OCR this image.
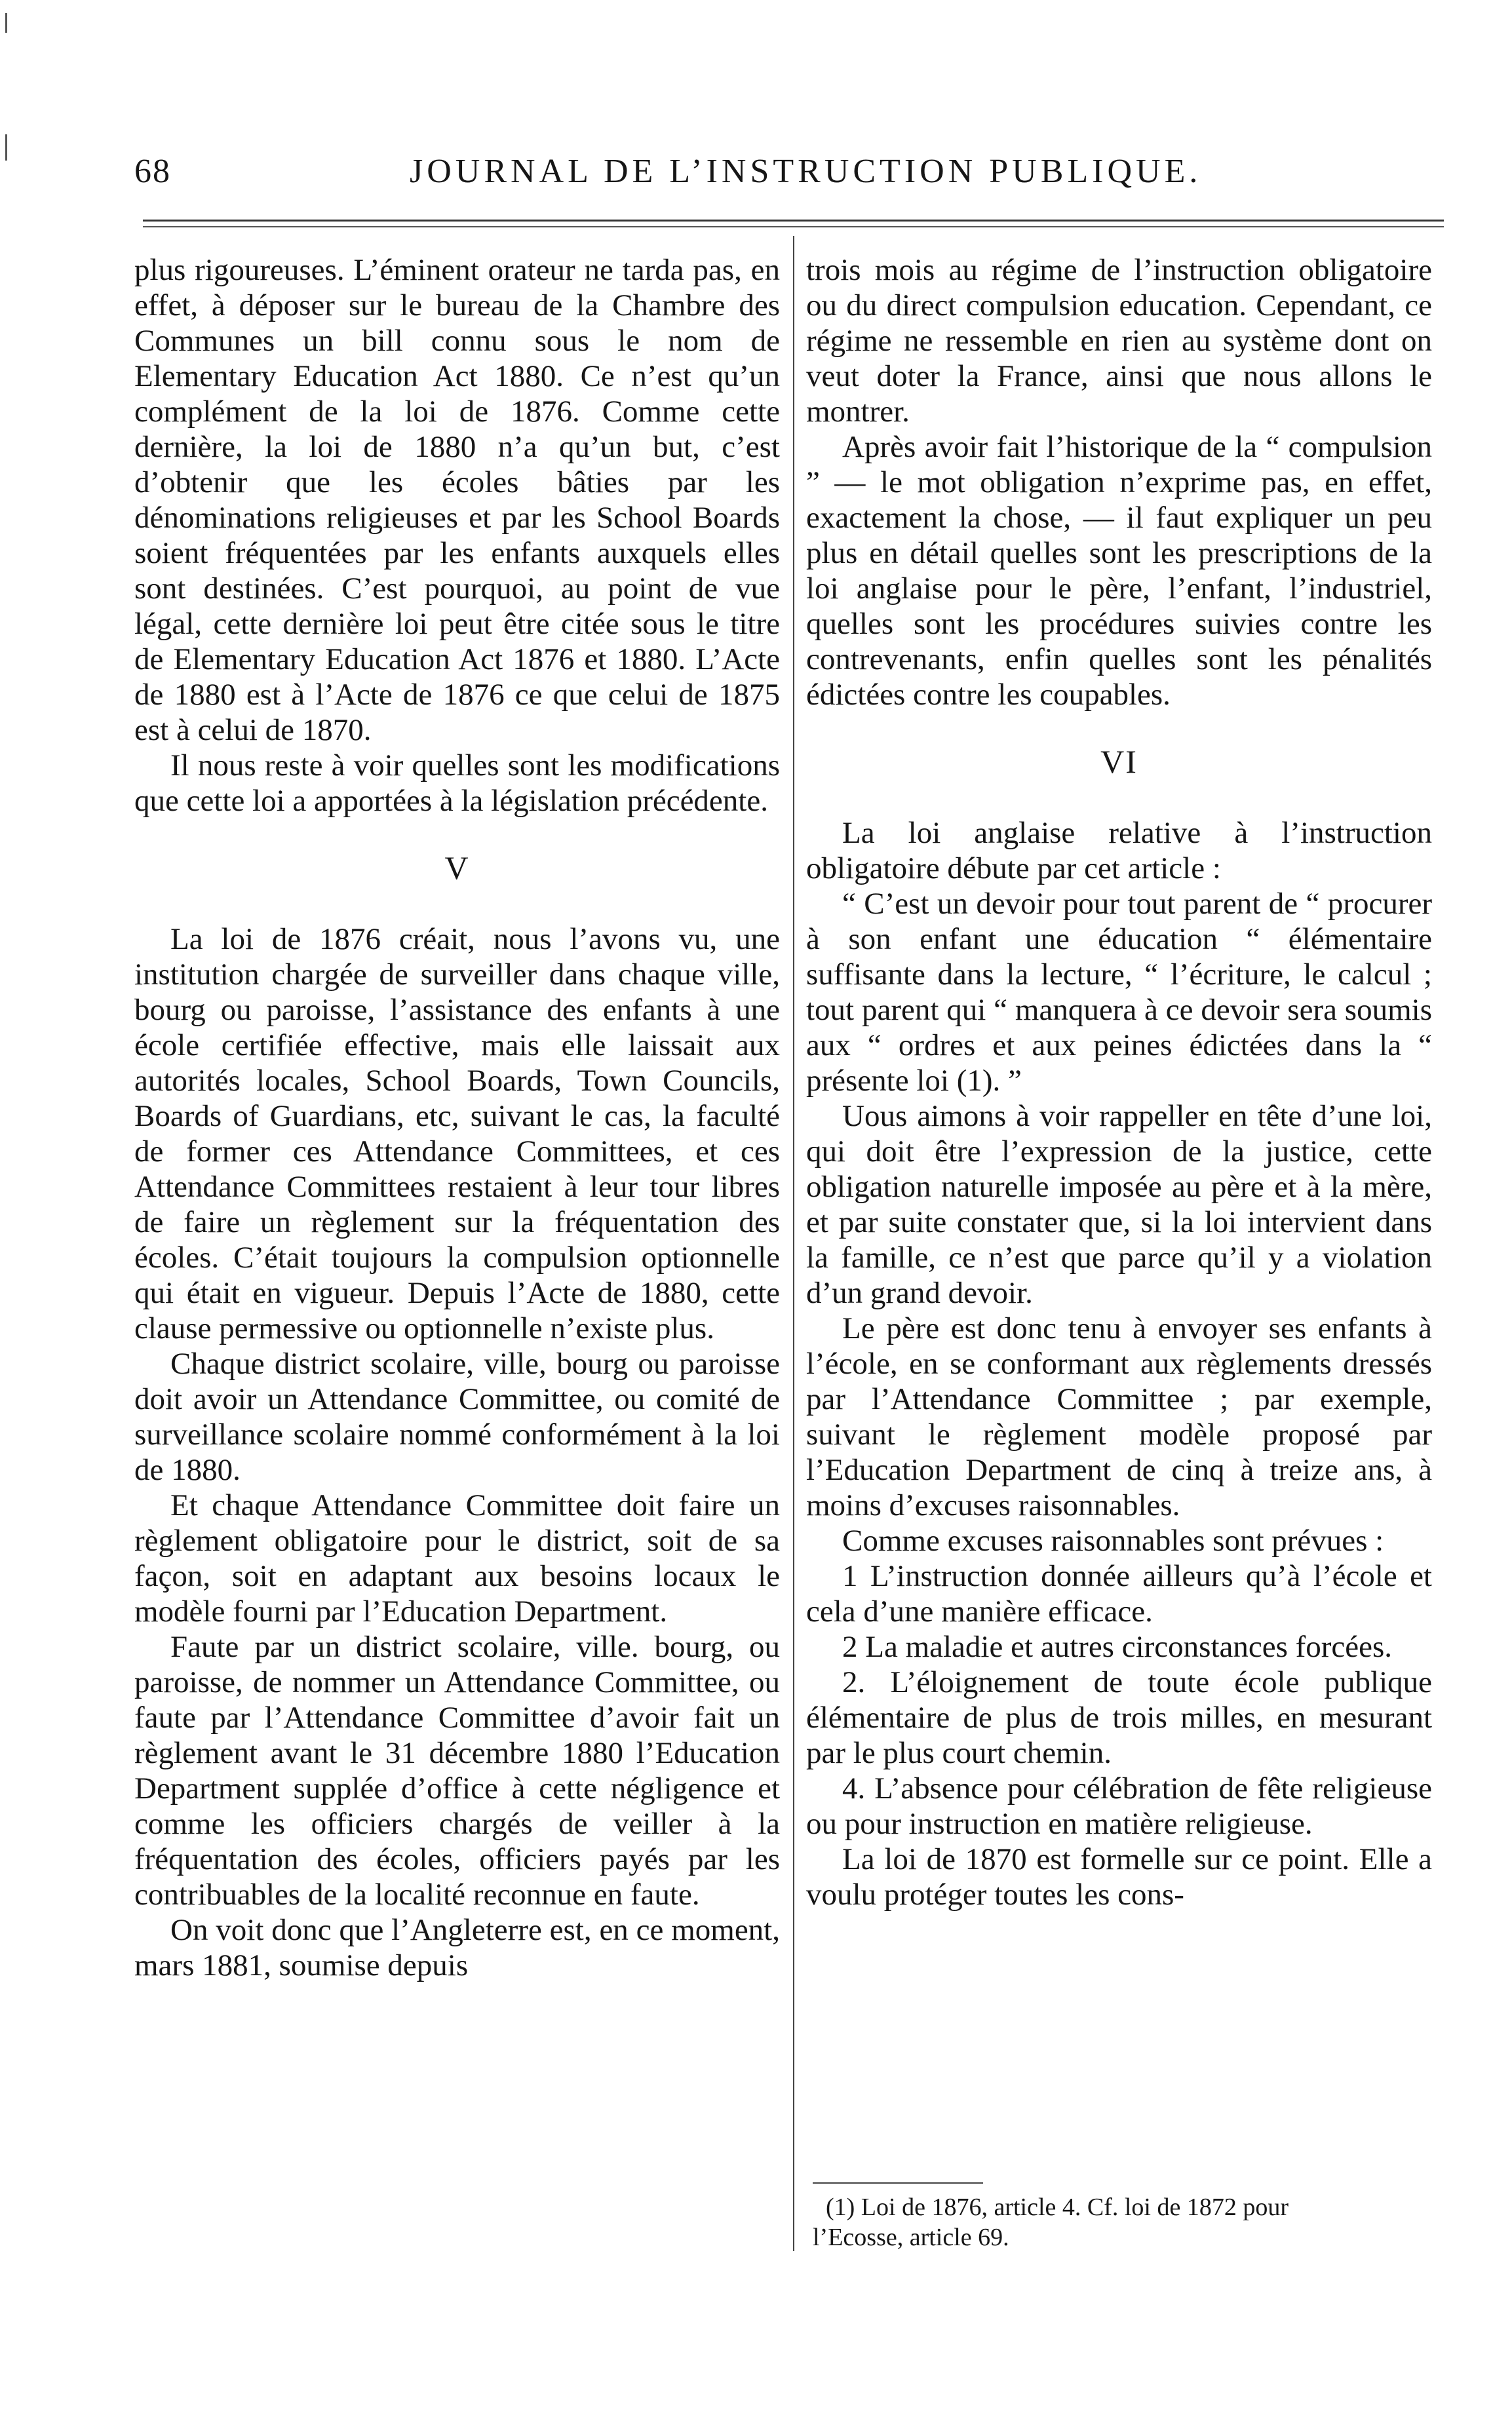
68	JOURNAL DE L’INSTRUCTION PUBLIQUE.

plus rigoureuses. L’éminent orateur ne tarda pas, en effet, à déposer sur le bureau de la Chambre des Communes un bill connu sous le nom de Elementary Education Act 1880. Ce n’est qu’un complément de la loi de 1876. Comme cette dernière, la loi de 1880 n’a qu’un but, c’est d’obtenir que les écoles bâties par les dénominations religieuses et par les School Boards soient fréquentées par les enfants auxquels elles sont destinées. C’est pourquoi, au point de vue légal, cette dernière loi peut être citée sous le titre de Elementary Education Act 1876 et 1880. L’Acte de 1880 est à l’Acte de 1876 ce que celui de 1875 est à celui de 1870.

Il nous reste à voir quelles sont les modifications que cette loi a apportées à la législation précédente.

V

La loi de 1876 créait, nous l’avons vu, une institution chargée de surveiller dans chaque ville, bourg ou paroisse, l’assistance des enfants à une école certifiée effective, mais elle laissait aux autorités locales, School Boards, Town Councils, Boards of Guardians, etc, suivant le cas, la faculté de former ces Attendance Committees, et ces Attendance Committees restaient à leur tour libres de faire un règlement sur la fréquentation des écoles. C’était toujours la compulsion optionnelle qui était en vigueur. Depuis l’Acte de 1880, cette clause permessive ou optionnelle n’existe plus.

Chaque district scolaire, ville, bourg ou paroisse doit avoir un Attendance Committee, ou comité de surveillance scolaire nommé conformément à la loi de 1880.

Et chaque Attendance Committee doit faire un règlement obligatoire pour le district, soit de sa façon, soit en adaptant aux besoins locaux le modèle fourni par l’Education Department.

Faute par un district scolaire, ville. bourg, ou paroisse, de nommer un Attendance Committee, ou faute par l’Attendance Committee d’avoir fait un règlement avant le 31 décembre 1880 l’Education Department supplée d’office à cette négligence et comme les officiers chargés de veiller à la fréquentation des écoles, officiers payés par les contribuables de la localité reconnue en faute.

On voit donc que l’Angleterre est, en ce moment, mars 1881, soumise depuis

trois mois au régime de l’instruction obligatoire ou du direct compulsion education. Cependant, ce régime ne ressemble en rien au système dont on veut doter la France, ainsi que nous allons le montrer.

Après avoir fait l’historique de la “ compulsion ” — le mot obligation n’exprime pas, en effet, exactement la chose, — il faut expliquer un peu plus en détail quelles sont les prescriptions de la loi anglaise pour le père, l’enfant, l’industriel, quelles sont les procédures suivies contre les contrevenants, enfin quelles sont les pénalités édictées contre les coupables.

VI

La loi anglaise relative à l’instruction obligatoire débute par cet article :

“ C’est un devoir pour tout parent de “ procurer à son enfant une éducation “ élémentaire suffisante dans la lecture, “ l’écriture, le calcul ; tout parent qui “ manquera à ce devoir sera soumis aux “ ordres et aux peines édictées dans la “ présente loi (1). ”

Uous aimons à voir rappeller en tête d’une loi, qui doit être l’expression de la justice, cette obligation naturelle imposée au père et à la mère, et par suite constater que, si la loi intervient dans la famille, ce n’est que parce qu’il y a violation d’un grand devoir.

Le père est donc tenu à envoyer ses enfants à l’école, en se conformant aux règlements dressés par l’Attendance Committee ; par exemple, suivant le règlement modèle proposé par l’Education Department de cinq à treize ans, à moins d’excuses raisonnables.

Comme excuses raisonnables sont prévues :

1 L’instruction donnée ailleurs qu’à l’école et cela d’une manière efficace.

2 La maladie et autres circonstances forcées.

2. L’éloignement de toute école publique élémentaire de plus de trois milles, en mesurant par le plus court chemin.

4. L’absence pour célébration de fête religieuse ou pour instruction en matière religieuse.

La loi de 1870 est formelle sur ce point. Elle a voulu protéger toutes les cons-

(1) Loi de 1876, article 4. Cf. loi de 1872 pour

l’Ecosse, article 69.
